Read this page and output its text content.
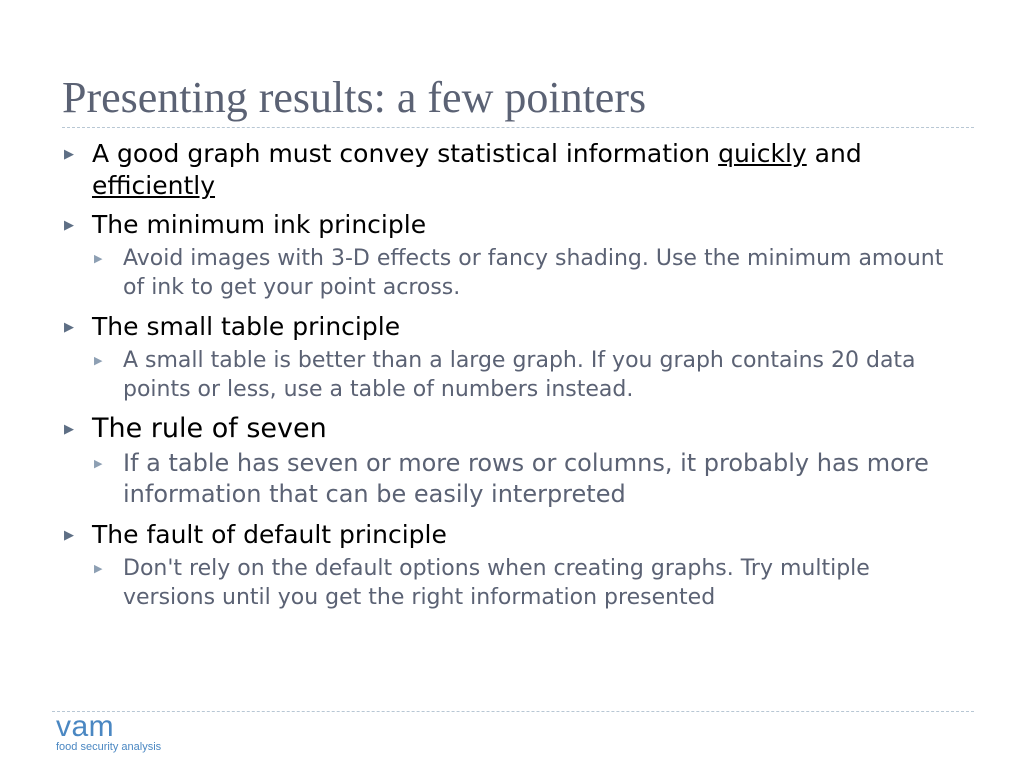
Presenting results: a few pointers
▶ A good graph must convey statistical information quickly and efficiently
▶ The minimum ink principle
▶ Avoid images with 3-D effects or fancy shading. Use the minimum amount of ink to get your point across.
▶ The small table principle
▶ A small table is better than a large graph. If you graph contains 20 data points or less, use a table of numbers instead.
▶ The rule of seven
▶ If a table has seven or more rows or columns, it probably has more information that can be easily interpreted
▶ The fault of default principle
▶ Don't rely on the default options when creating graphs. Try multiple versions until you get the right information presented
vam
food security analysis
